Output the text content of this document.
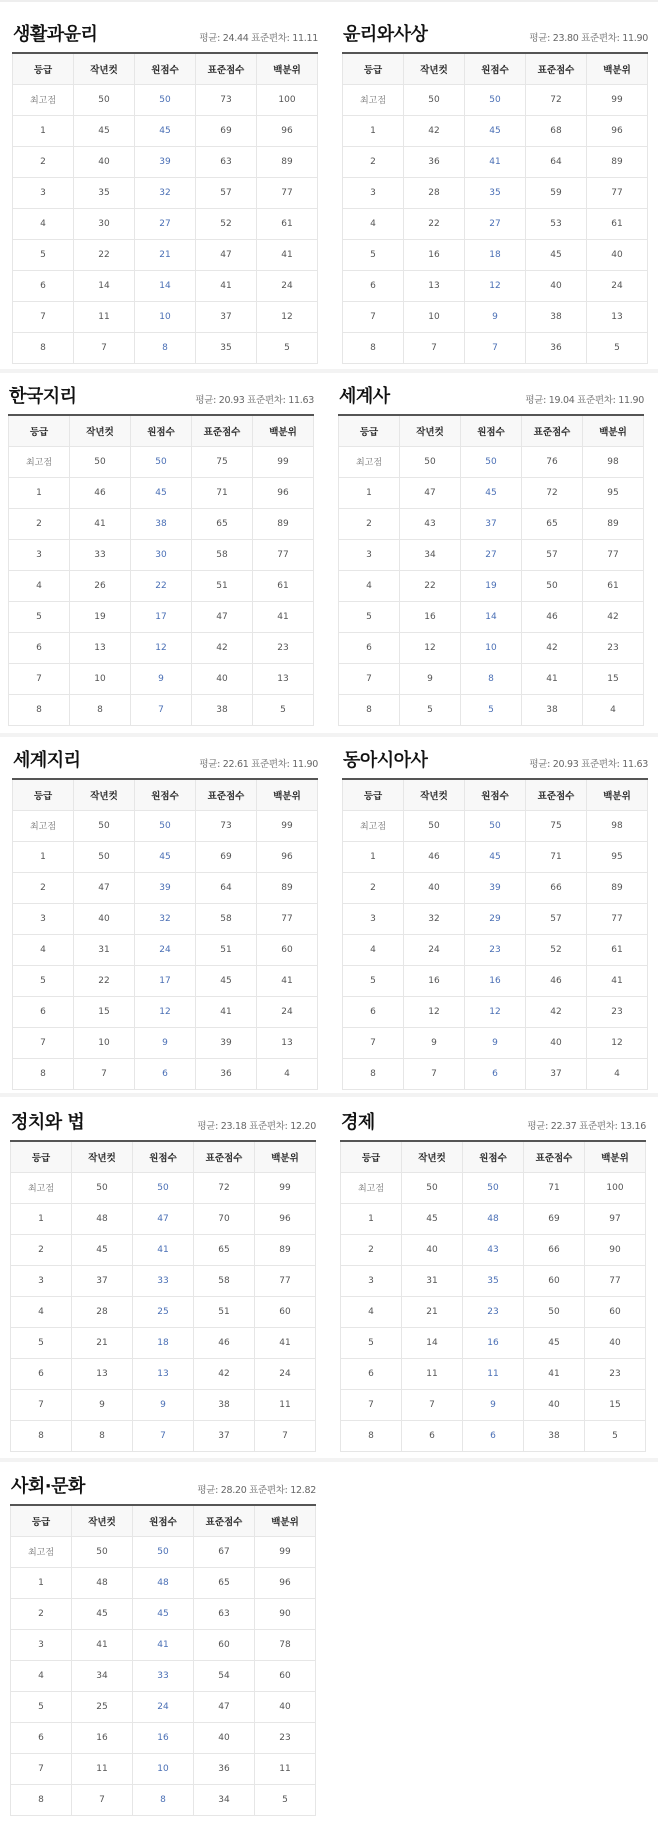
생활과윤리	평균: 24.44 표준편차: 11.11
등급	작년컷	원점수	표준점수	백분위
최고점	50	50	73	100
1	45	45	69	96
2	40	39	63	89
3	35	32	57	77
4	30	27	52	61
5	22	21	47	41
6	14	14	41	24
7	11	10	37	12
8	7	8	35	5
윤리와사상	평균: 23.80 표준편차: 11.90
등급	작년컷	원점수	표준점수	백분위
최고점	50	50	72	99
1	42	45	68	96
2	36	41	64	89
3	28	35	59	77
4	22	27	53	61
5	16	18	45	40
6	13	12	40	24
7	10	9	38	13
8	7	7	36	5
한국지리	평균: 20.93 표준편차: 11.63
등급	작년컷	원점수	표준점수	백분위
최고점	50	50	75	99
1	46	45	71	96
2	41	38	65	89
3	33	30	58	77
4	26	22	51	61
5	19	17	47	41
6	13	12	42	23
7	10	9	40	13
8	8	7	38	5
세계사	평균: 19.04 표준편차: 11.90
등급	작년컷	원점수	표준점수	백분위
최고점	50	50	76	98
1	47	45	72	95
2	43	37	65	89
3	34	27	57	77
4	22	19	50	61
5	16	14	46	42
6	12	10	42	23
7	9	8	41	15
8	5	5	38	4
세계지리	평균: 22.61 표준편차: 11.90
등급	작년컷	원점수	표준점수	백분위
최고점	50	50	73	99
1	50	45	69	96
2	47	39	64	89
3	40	32	58	77
4	31	24	51	60
5	22	17	45	41
6	15	12	41	24
7	10	9	39	13
8	7	6	36	4
동아시아사	평균: 20.93 표준편차: 11.63
등급	작년컷	원점수	표준점수	백분위
최고점	50	50	75	98
1	46	45	71	95
2	40	39	66	89
3	32	29	57	77
4	24	23	52	61
5	16	16	46	41
6	12	12	42	23
7	9	9	40	12
8	7	6	37	4
정치와 법	평균: 23.18 표준편차: 12.20
등급	작년컷	원점수	표준점수	백분위
최고점	50	50	72	99
1	48	47	70	96
2	45	41	65	89
3	37	33	58	77
4	28	25	51	60
5	21	18	46	41
6	13	13	42	24
7	9	9	38	11
8	8	7	37	7
경제	평균: 22.37 표준편차: 13.16
등급	작년컷	원점수	표준점수	백분위
최고점	50	50	71	100
1	45	48	69	97
2	40	43	66	90
3	31	35	60	77
4	21	23	50	60
5	14	16	45	40
6	11	11	41	23
7	7	9	40	15
8	6	6	38	5
사회·문화	평균: 28.20 표준편차: 12.82
등급	작년컷	원점수	표준점수	백분위
최고점	50	50	67	99
1	48	48	65	96
2	45	45	63	90
3	41	41	60	78
4	34	33	54	60
5	25	24	47	40
6	16	16	40	23
7	11	10	36	11
8	7	8	34	5
